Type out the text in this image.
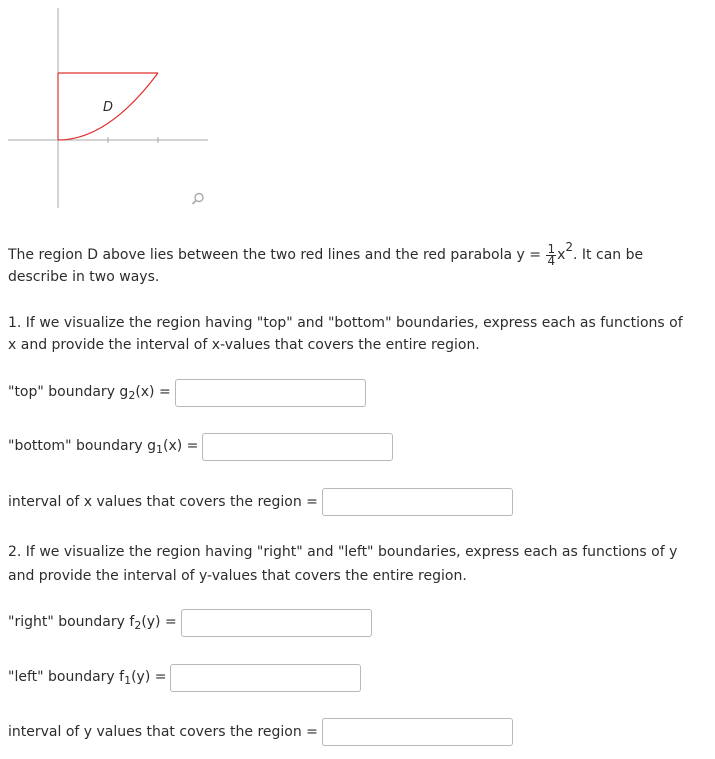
D
The region D above lies between the two red lines and the red parabola $y = \frac{1}{4} x2$. It can be
describe in two ways.
1. If we visualize the region having "top" and "bottom" boundaries, express each as functions of
x and provide the interval of x-values that covers the entire region.
"top" boundary $g_2(x)$ =
"bottom" boundary $g_1(x)$ =
interval of x values that covers the region =
2. If we visualize the region having "right" and "left" boundaries, express each as functions of y
and provide the interval of y-values that covers the entire region.
"right" boundary $f_2(y)$ =
"left" boundary $f_1(y)$ =
interval of y values that covers the region =
